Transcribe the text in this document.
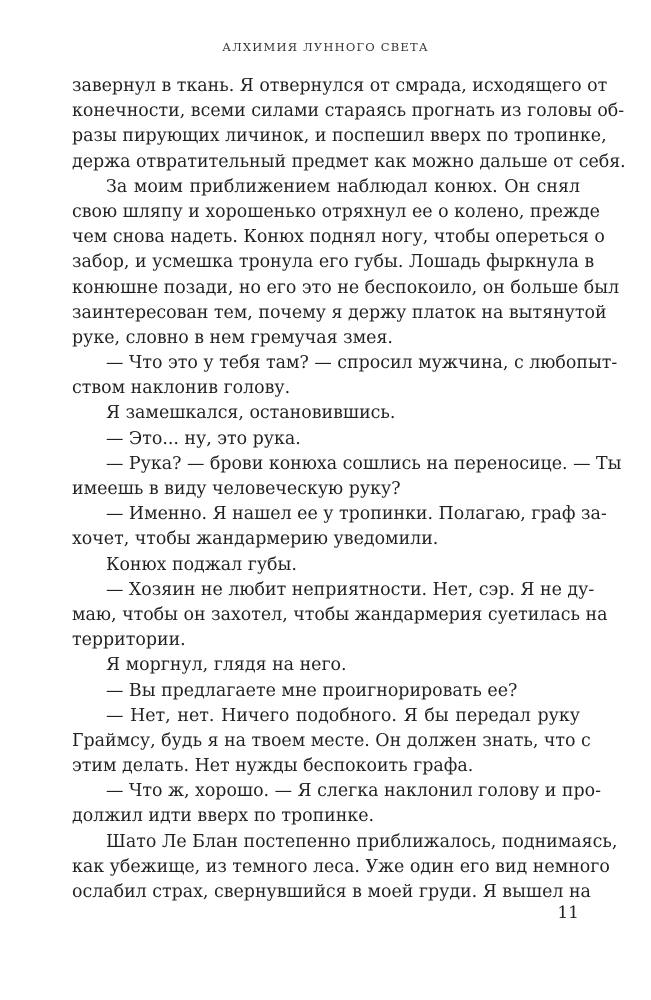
АЛХИМИЯ ЛУННОГО СВЕТА
завернул в ткань. Я отвернулся от смрада, исходящего от
конечности, всеми силами стараясь прогнать из головы об-
разы пирующих личинок, и поспешил вверх по тропинке,
держа отвратительный предмет как можно дальше от себя.
За моим приближением наблюдал конюх. Он снял
свою шляпу и хорошенько отряхнул ее о колено, прежде
чем снова надеть. Конюх поднял ногу, чтобы опереться о
забор, и усмешка тронула его губы. Лошадь фыркнула в
конюшне позади, но его это не беспокоило, он больше был
заинтересован тем, почему я держу платок на вытянутой
руке, словно в нем гремучая змея.
— Что это у тебя там? — спросил мужчина, с любопыт-
ством наклонив голову.
Я замешкался, остановившись.
— Это... ну, это рука.
— Рука? — брови конюха сошлись на переносице. — Ты
имеешь в виду человеческую руку?
— Именно. Я нашел ее у тропинки. Полагаю, граф за-
хочет, чтобы жандармерию уведомили.
Конюх поджал губы.
— Хозяин не любит неприятности. Нет, сэр. Я не ду-
маю, чтобы он захотел, чтобы жандармерия суетилась на
территории.
Я моргнул, глядя на него.
— Вы предлагаете мне проигнорировать ее?
— Нет, нет. Ничего подобного. Я бы передал руку
Граймсу, будь я на твоем месте. Он должен знать, что с
этим делать. Нет нужды беспокоить графа.
— Что ж, хорошо. — Я слегка наклонил голову и про-
должил идти вверх по тропинке.
Шато Ле Блан постепенно приближалось, поднимаясь,
как убежище, из темного леса. Уже один его вид немного
ослабил страх, свернувшийся в моей груди. Я вышел на
11
